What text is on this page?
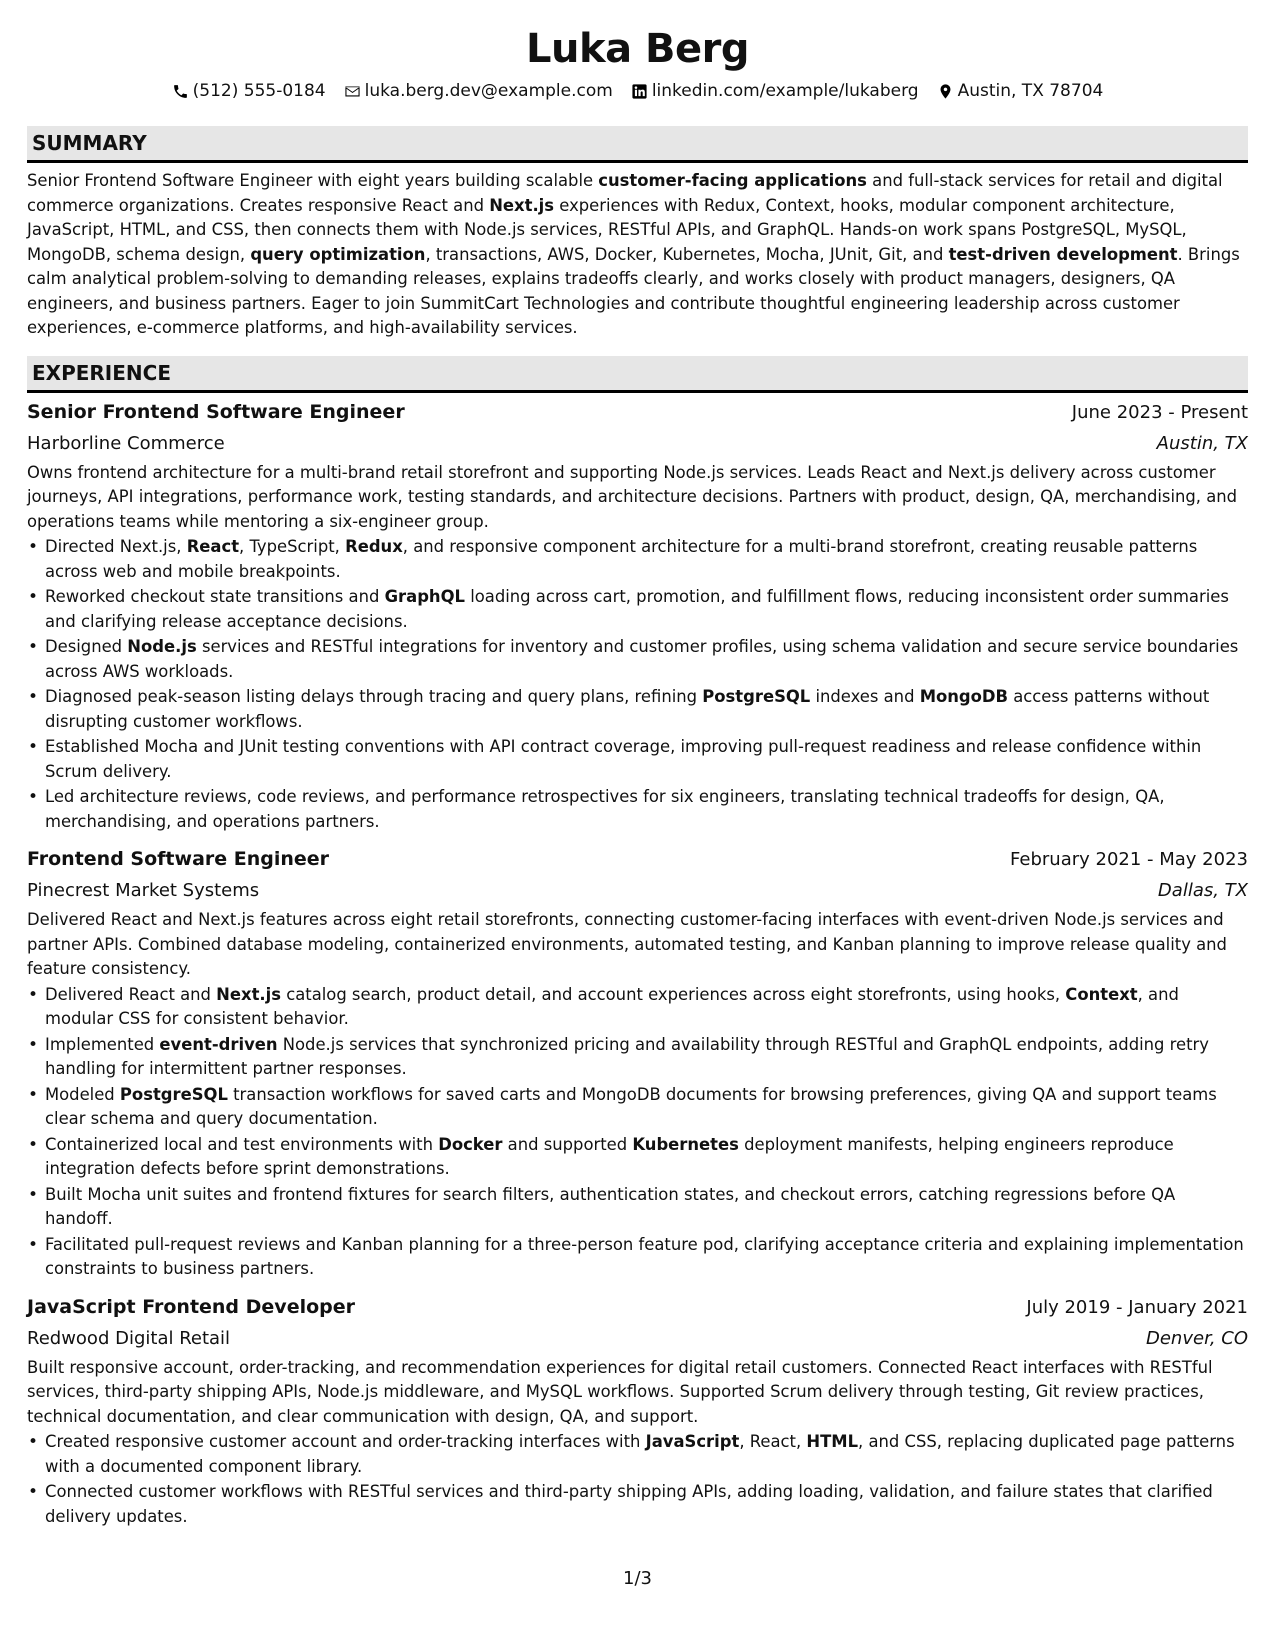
Luka Berg
(512) 555-0184 luka.berg.dev@example.com linkedin.com/example/lukaberg Austin, TX 78704
SUMMARY

Senior Frontend Software Engineer with eight years building scalable customer-facing applications and full-stack services for retail and digital commerce organizations. Creates responsive React and Next.js experiences with Redux, Context, hooks, modular component architecture, JavaScript, HTML, and CSS, then connects them with Node.js services, RESTful APIs, and GraphQL. Hands-on work spans PostgreSQL, MySQL, MongoDB, schema design, query optimization, transactions, AWS, Docker, Kubernetes, Mocha, JUnit, Git, and test-driven development. Brings calm analytical problem-solving to demanding releases, explains tradeoffs clearly, and works closely with product managers, designers, QA engineers, and business partners. Eager to join SummitCart Technologies and contribute thoughtful engineering leadership across customer experiences, e-commerce platforms, and high-availability services.

EXPERIENCE
Senior Frontend Software Engineer	June 2023 - Present
Harborline Commerce	Austin, TX

Owns frontend architecture for a multi-brand retail storefront and supporting Node.js services. Leads React and Next.js delivery across customer journeys, API integrations, performance work, testing standards, and architecture decisions. Partners with product, design, QA, merchandising, and operations teams while mentoring a six-engineer group.

• Directed Next.js, React, TypeScript, Redux, and responsive component architecture for a multi-brand storefront, creating reusable patterns across web and mobile breakpoints.
• Reworked checkout state transitions and GraphQL loading across cart, promotion, and fulfillment flows, reducing inconsistent order summaries and clarifying release acceptance decisions.
• Designed Node.js services and RESTful integrations for inventory and customer profiles, using schema validation and secure service boundaries across AWS workloads.
• Diagnosed peak-season listing delays through tracing and query plans, refining PostgreSQL indexes and MongoDB access patterns without disrupting customer workflows.
• Established Mocha and JUnit testing conventions with API contract coverage, improving pull-request readiness and release confidence within Scrum delivery.
• Led architecture reviews, code reviews, and performance retrospectives for six engineers, translating technical tradeoffs for design, QA, merchandising, and operations partners.
Frontend Software Engineer	February 2021 - May 2023
Pinecrest Market Systems	Dallas, TX

Delivered React and Next.js features across eight retail storefronts, connecting customer-facing interfaces with event-driven Node.js services and partner APIs. Combined database modeling, containerized environments, automated testing, and Kanban planning to improve release quality and feature consistency.

• Delivered React and Next.js catalog search, product detail, and account experiences across eight storefronts, using hooks, Context, and modular CSS for consistent behavior.
• Implemented event-driven Node.js services that synchronized pricing and availability through RESTful and GraphQL endpoints, adding retry handling for intermittent partner responses.
• Modeled PostgreSQL transaction workflows for saved carts and MongoDB documents for browsing preferences, giving QA and support teams clear schema and query documentation.
• Containerized local and test environments with Docker and supported Kubernetes deployment manifests, helping engineers reproduce integration defects before sprint demonstrations.
• Built Mocha unit suites and frontend fixtures for search filters, authentication states, and checkout errors, catching regressions before QA handoff.
• Facilitated pull-request reviews and Kanban planning for a three-person feature pod, clarifying acceptance criteria and explaining implementation constraints to business partners.
JavaScript Frontend Developer	July 2019 - January 2021
Redwood Digital Retail	Denver, CO

Built responsive account, order-tracking, and recommendation experiences for digital retail customers. Connected React interfaces with RESTful services, third-party shipping APIs, Node.js middleware, and MySQL workflows. Supported Scrum delivery through testing, Git review practices, technical documentation, and clear communication with design, QA, and support.

• Created responsive customer account and order-tracking interfaces with JavaScript, React, HTML, and CSS, replacing duplicated page patterns with a documented component library.
• Connected customer workflows with RESTful services and third-party shipping APIs, adding loading, validation, and failure states that clarified delivery updates.
1/3
